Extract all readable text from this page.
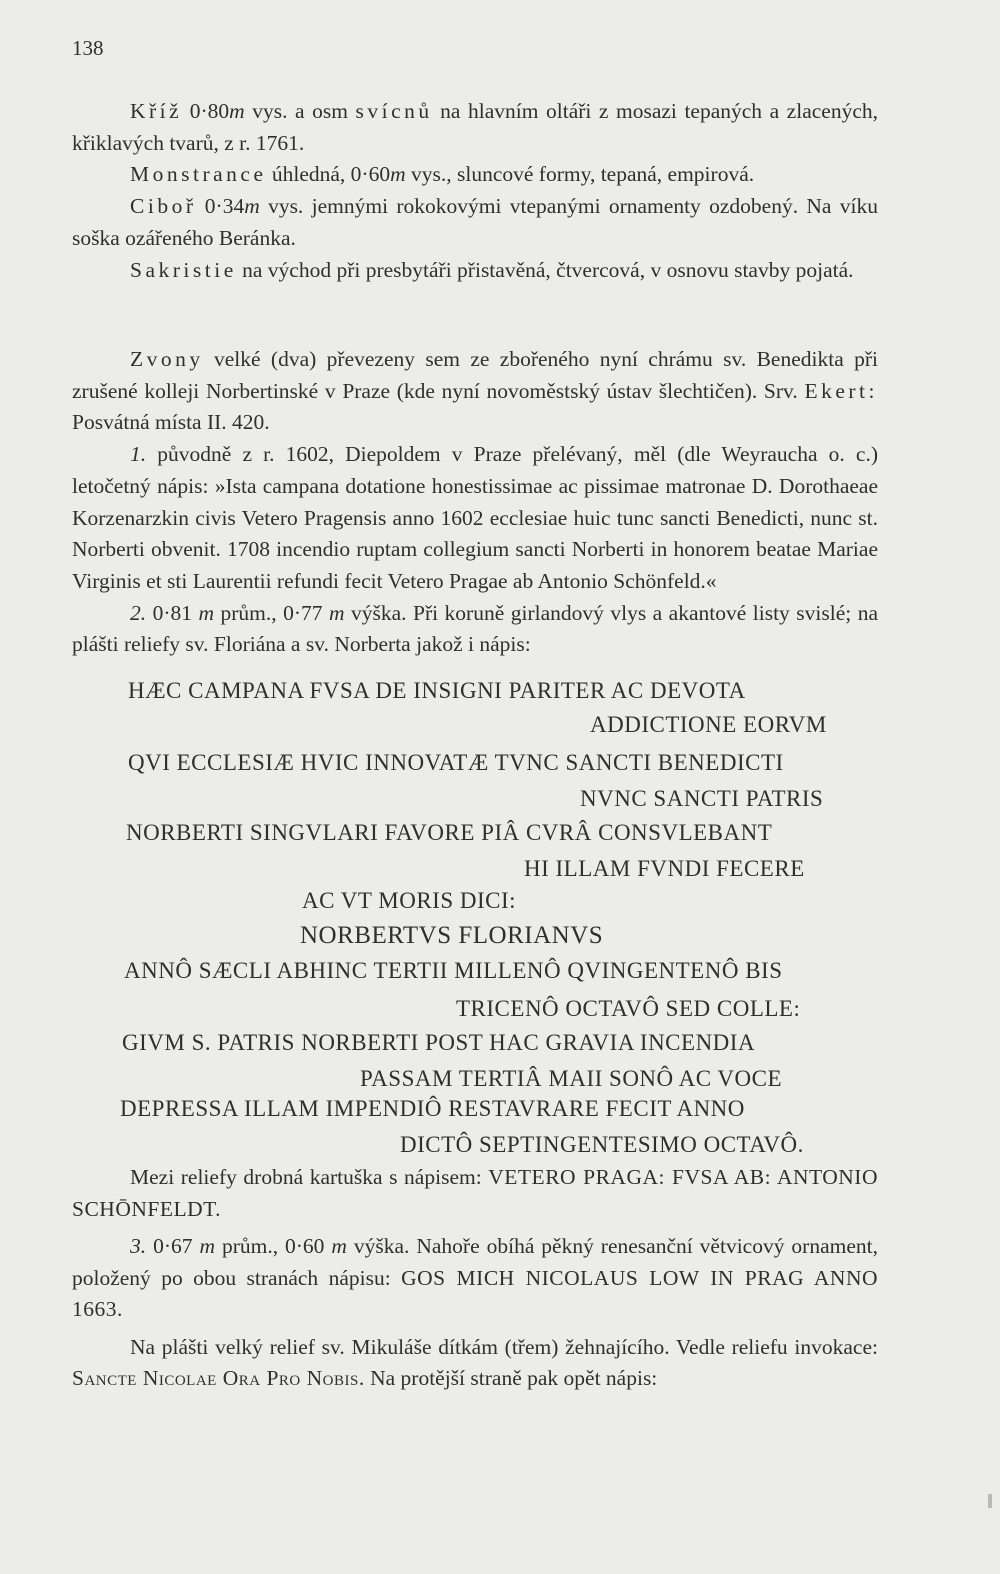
138

Kříž 0·80m vys. a osm svícnů na hlavním oltáři z mosazi tepaných a zlacených, křiklavých tvarů, z r. 1761.

Monstrance úhledná, 0·60m vys., sluncové formy, tepaná, empirová.

Ciboř 0·34m vys. jemnými rokokovými vtepanými ornamenty ozdobený. Na víku soška ozářeného Beránka.

Sakristie na východ při presbytáři přistavěná, čtvercová, v osnovu stavby pojatá.

Zvony velké (dva) převezeny sem ze zbořeného nyní chrámu sv. Benedikta při zrušené kolleji Norbertinské v Praze (kde nyní novoměstský ústav šlechtičen). Srv. Ekert: Posvátná místa II. 420.

1. původně z r. 1602, Diepoldem v Praze přelévaný, měl (dle Weyraucha o. c.) letočetný nápis: »Ista campana dotatione honestissimae ac pissimae matronae D. Dorothaeae Korzenarzkin civis Vetero Pragensis anno 1602 ecclesiae huic tunc sancti Benedicti, nunc st. Norberti obvenit. 1708 incendio ruptam collegium sancti Norberti in honorem beatae Mariae Virginis et sti Laurentii refundi fecit Vetero Pragae ab Antonio Schönfeld.«

2. 0·81 m prům., 0·77 m výška. Při koruně girlandový vlys a akantové listy svislé; na plášti reliefy sv. Floriána a sv. Norberta jakož i nápis:

HÆC CAMPANA FVSA DE INSIGNI PARITER AC DEVOTA
ADDICTIONE EORVM
QVI ECCLESIÆ HVIC INNOVATÆ TVNC SANCTI BENEDICTI
NVNC SANCTI PATRIS
NORBERTI SINGVLARI FAVORE PIÂ CVRÂ CONSVLEBANT
HI ILLAM FVNDI FECERE
AC VT MORIS DICI:
NORBERTVS FLORIANVS
ANNÔ SÆCLI ABHINC TERTII MILLENÔ QVINGENTENÔ BIS
TRICENÔ OCTAVÔ SED COLLE:
GIVM S. PATRIS NORBERTI POST HAC GRAVIA INCENDIA
PASSAM TERTIÂ MAII SONÔ AC VOCE
DEPRESSA ILLAM IMPENDIÔ RESTAVRARE FECIT ANNO
DICTÔ SEPTINGENTESIMO OCTAVÔ.

Mezi reliefy drobná kartuška s nápisem: VETERO PRAGA: FVSA AB: ANTONIO SCHŌNFELDT.

3. 0·67 m prům., 0·60 m výška. Nahoře obíhá pěkný renesanční větvicový ornament, položený po obou stranách nápisu: GOS MICH NICOLAUS LOW IN PRAG ANNO 1663.

Na plášti velký relief sv. Mikuláše dítkám (třem) žehnajícího. Vedle reliefu invokace: Sancte Nicolae Ora Pro Nobis. Na protější straně pak opět nápis:
